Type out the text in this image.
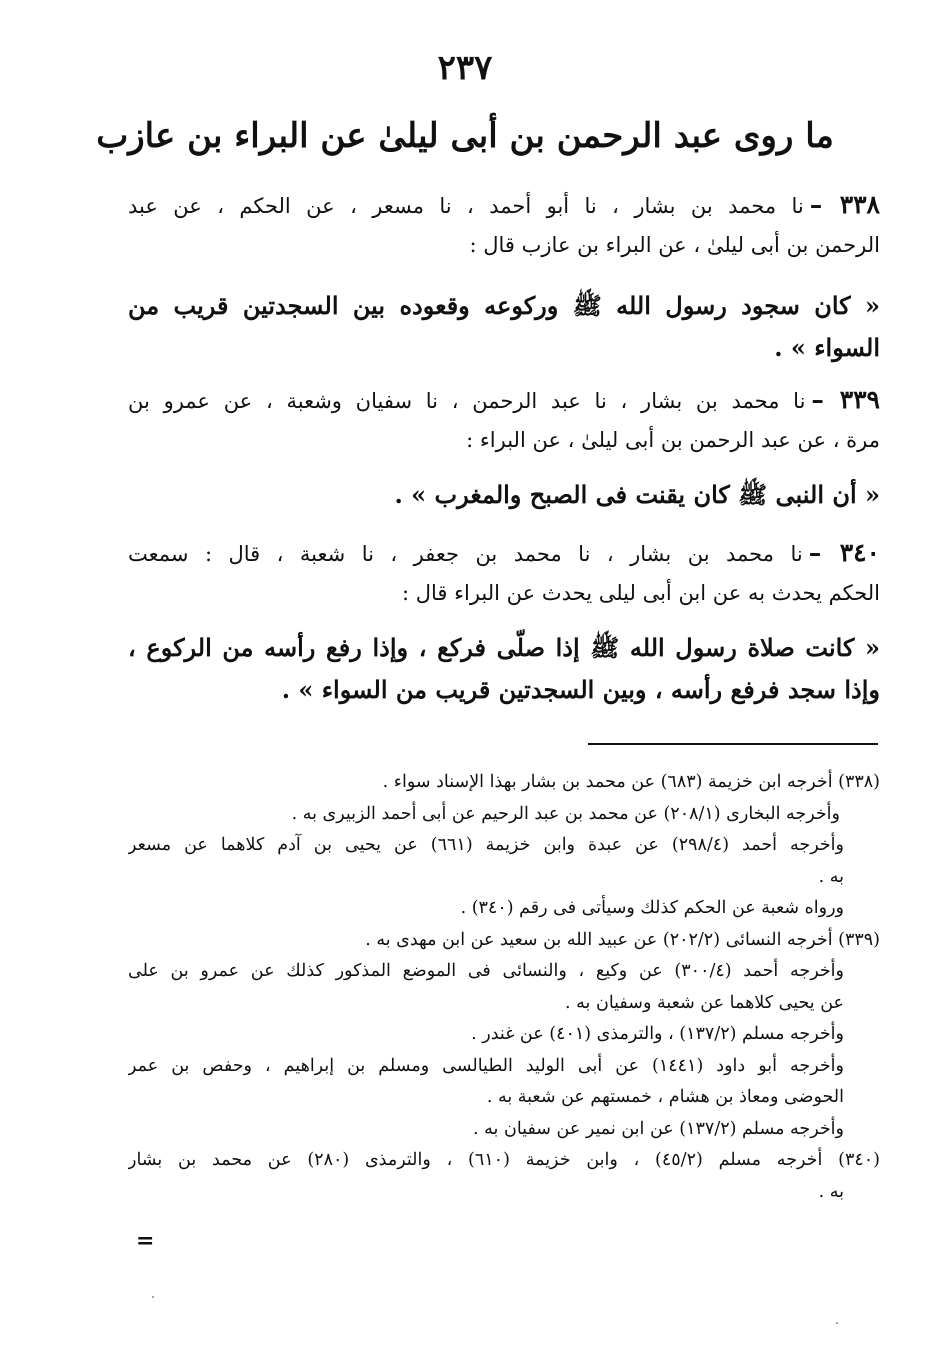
٢٣٧
ما روى عبد الرحمن بن أبى ليلىٰ عن البراء بن عازب
٣٣٨ –نا محمد بن بشار ، نا أبو أحمد ، نا مسعر ، عن الحكم ، عن عبد
الرحمن بن أبى ليلىٰ ، عن البراء بن عازب قال :
« كان سجود رسول الله ﷺ وركوعه وقعوده بين السجدتين قريب من
السواء » .
٣٣٩ –نا محمد بن بشار ، نا عبد الرحمن ، نا سفيان وشعبة ، عن عمرو بن
مرة ، عن عبد الرحمن بن أبى ليلىٰ ، عن البراء :
« أن النبى ﷺ كان يقنت فى الصبح والمغرب » .
٣٤٠ –نا محمد بن بشار ، نا محمد بن جعفر ، نا شعبة ، قال : سمعت
الحكم يحدث به عن ابن أبى ليلى يحدث عن البراء قال :
« كانت صلاة رسول الله ﷺ إذا صلّى فركع ، وإذا رفع رأسه من الركوع ،
وإذا سجد فرفع رأسه ، وبين السجدتين قريب من السواء » .
(٣٣٨) أخرجه ابن خزيمة (٦٨٣) عن محمد بن بشار بهذا الإسناد سواء .
وأخرجه البخارى (٢٠٨/١) عن محمد بن عبد الرحيم عن أبى أحمد الزبيرى به .
وأخرجه أحمد (٢٩٨/٤) عن عبدة وابن خزيمة (٦٦١) عن يحيى بن آدم كلاهما عن مسعر
به .
ورواه شعبة عن الحكم كذلك وسيأتى فى رقم (٣٤٠) .
(٣٣٩) أخرجه النسائى (٢٠٢/٢) عن عبيد الله بن سعيد عن ابن مهدى به .
وأخرجه أحمد (٣٠٠/٤) عن وكيع ، والنسائى فى الموضع المذكور كذلك عن عمرو بن على
عن يحيى كلاهما عن شعبة وسفيان به .
وأخرجه مسلم (١٣٧/٢) ، والترمذى (٤٠١) عن غندر .
وأخرجه أبو داود (١٤٤١) عن أبى الوليد الطيالسى ومسلم بن إبراهيم ، وحفص بن عمر
الحوضى ومعاذ بن هشام ، خمستهم عن شعبة به .
وأخرجه مسلم (١٣٧/٢) عن ابن نمير عن سفيان به .
(٣٤٠) أخرجه مسلم (٤٥/٢) ، وابن خزيمة (٦١٠) ، والترمذى (٢٨٠) عن محمد بن بشار
به .
=
